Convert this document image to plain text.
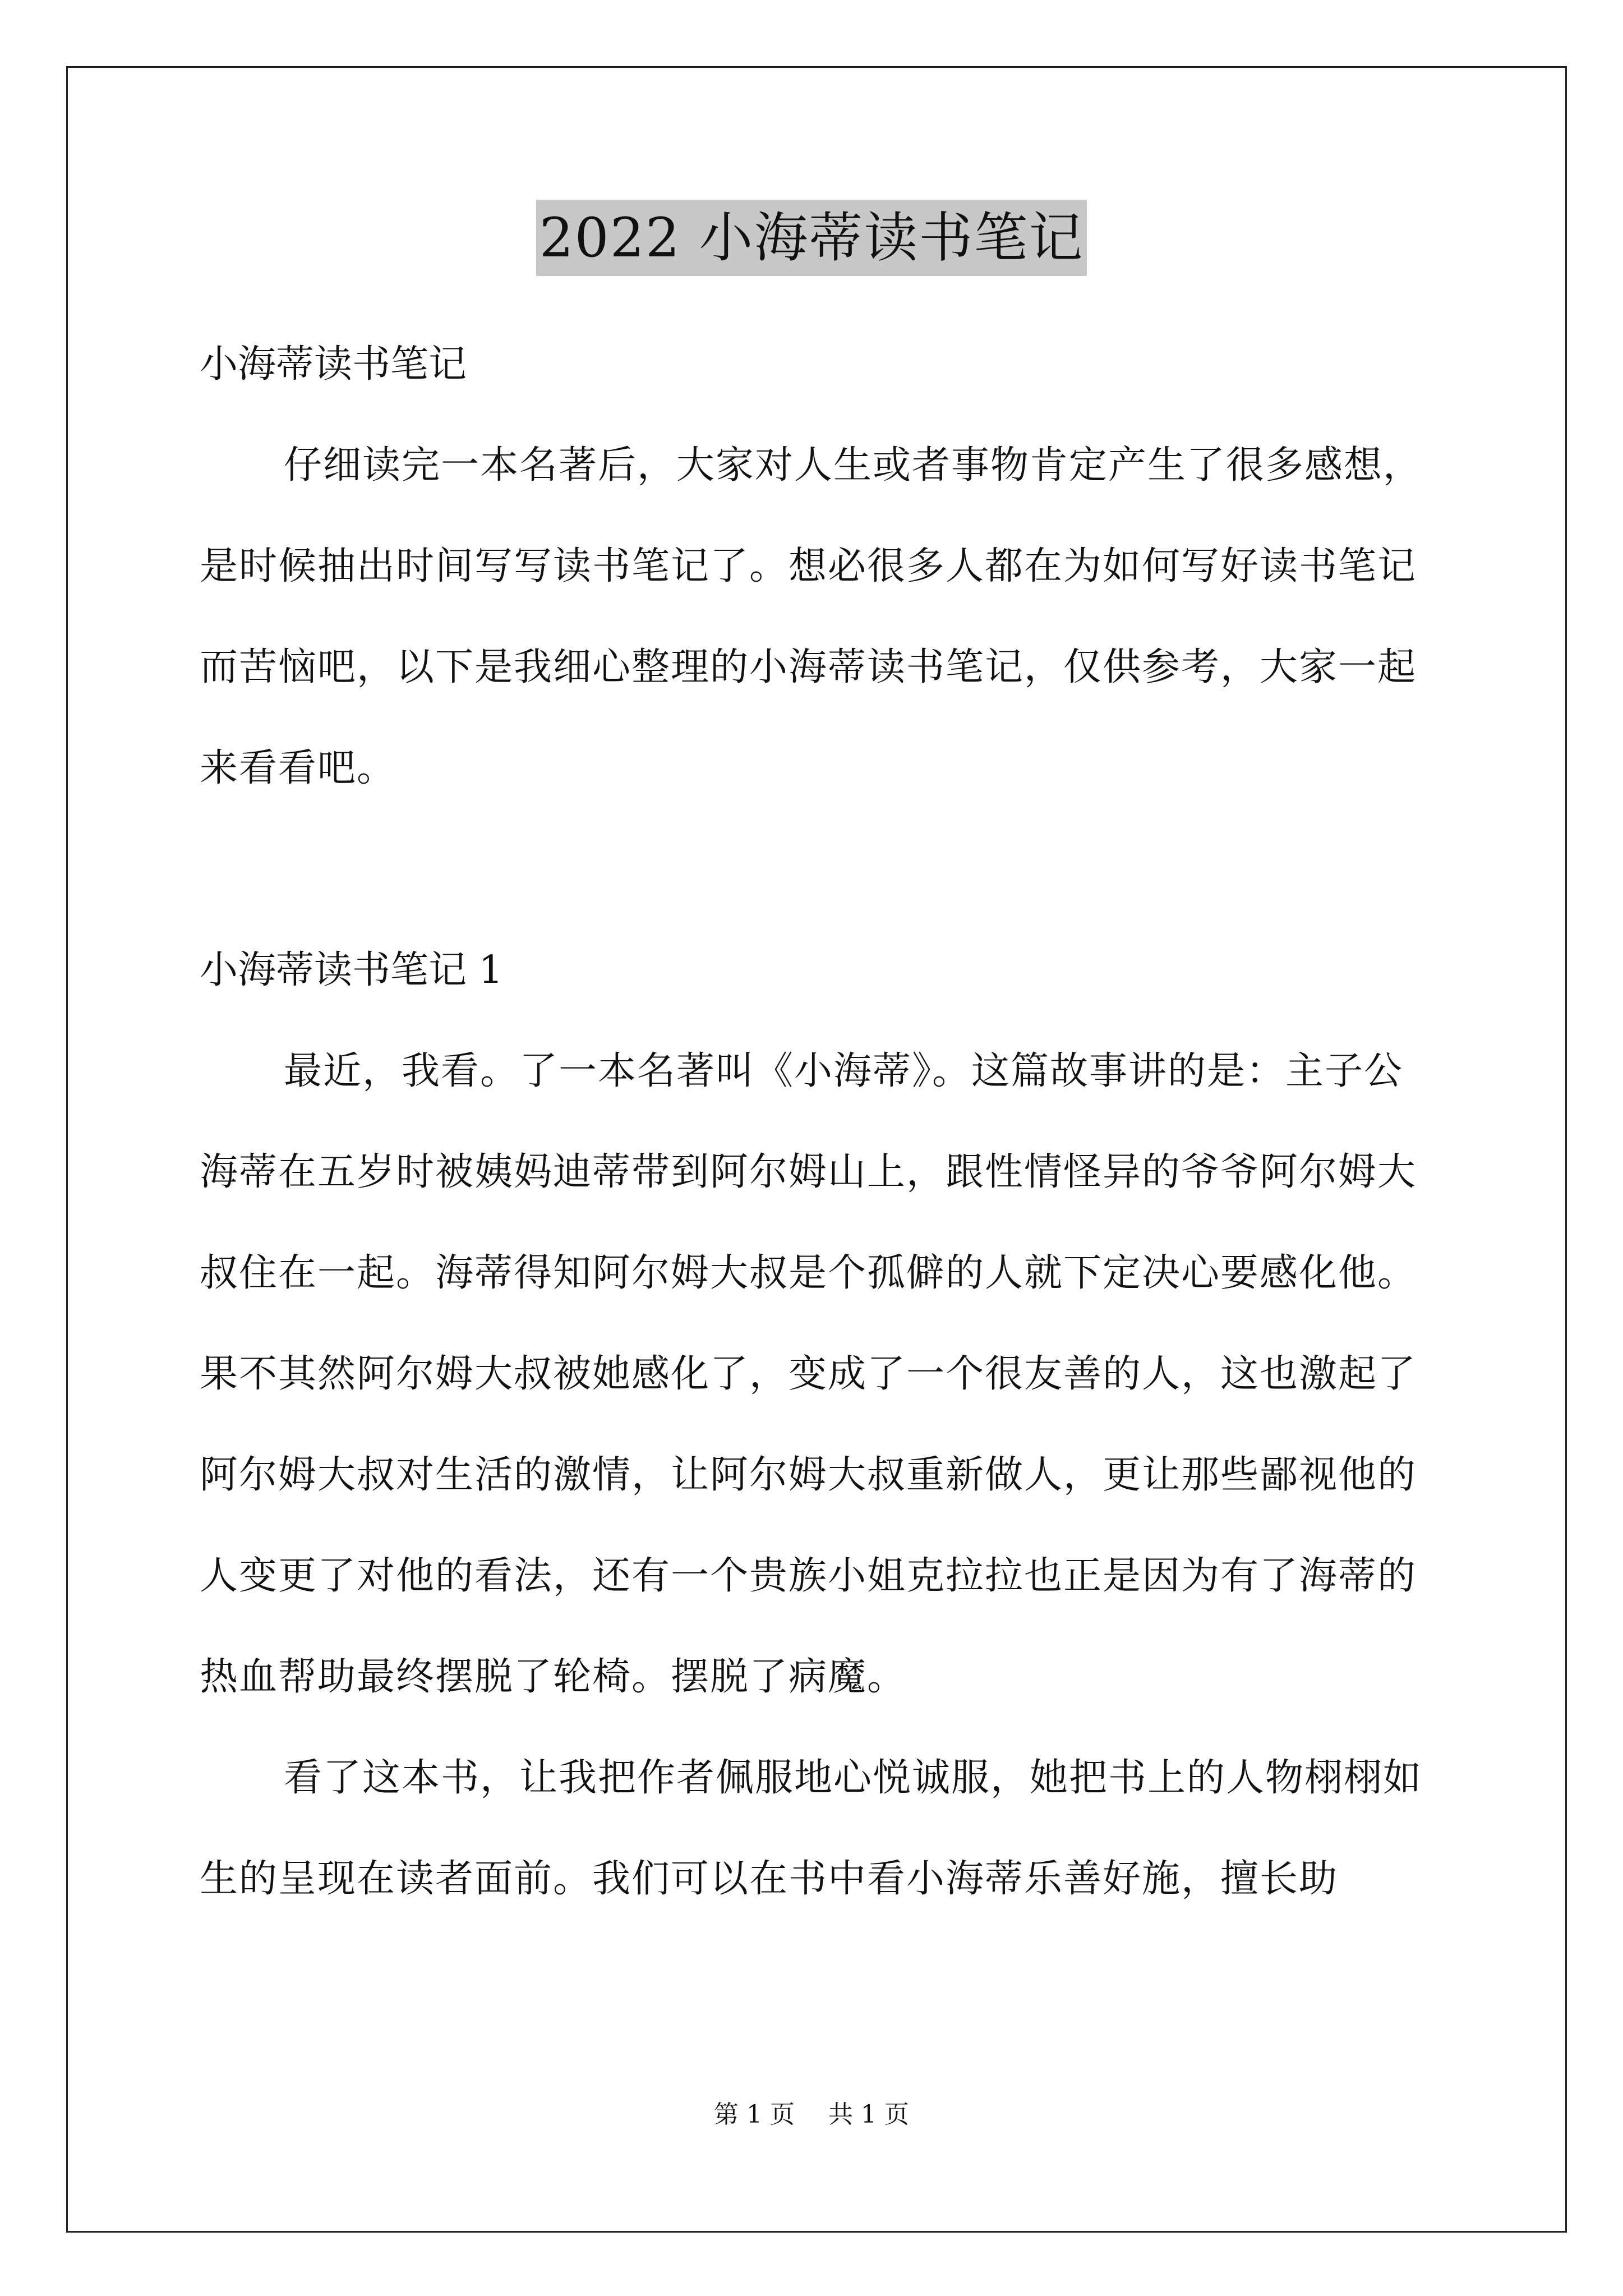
2022 小海蒂读书笔记

小海蒂读书笔记

仔细读完一本名著后，大家对人生或者事物肯定产生了很多感想，是时候抽出时间写写读书笔记了。想必很多人都在为如何写好读书笔记而苦恼吧，以下是我细心整理的小海蒂读书笔记，仅供参考，大家一起来看看吧。

小海蒂读书笔记 1

最近，我看。了一本名著叫《小海蒂》。这篇故事讲的是：主子公海蒂在五岁时被姨妈迪蒂带到阿尔姆山上，跟性情怪异的爷爷阿尔姆大叔住在一起。海蒂得知阿尔姆大叔是个孤僻的人就下定决心要感化他。果不其然阿尔姆大叔被她感化了，变成了一个很友善的人，这也激起了阿尔姆大叔对生活的激情，让阿尔姆大叔重新做人，更让那些鄙视他的人变更了对他的看法，还有一个贵族小姐克拉拉也正是因为有了海蒂的热血帮助最终摆脱了轮椅。摆脱了病魔。

看了这本书，让我把作者佩服地心悦诚服，她把书上的人物栩栩如生的呈现在读者面前。我们可以在书中看小海蒂乐善好施，擅长助

第 1 页 共 1 页
